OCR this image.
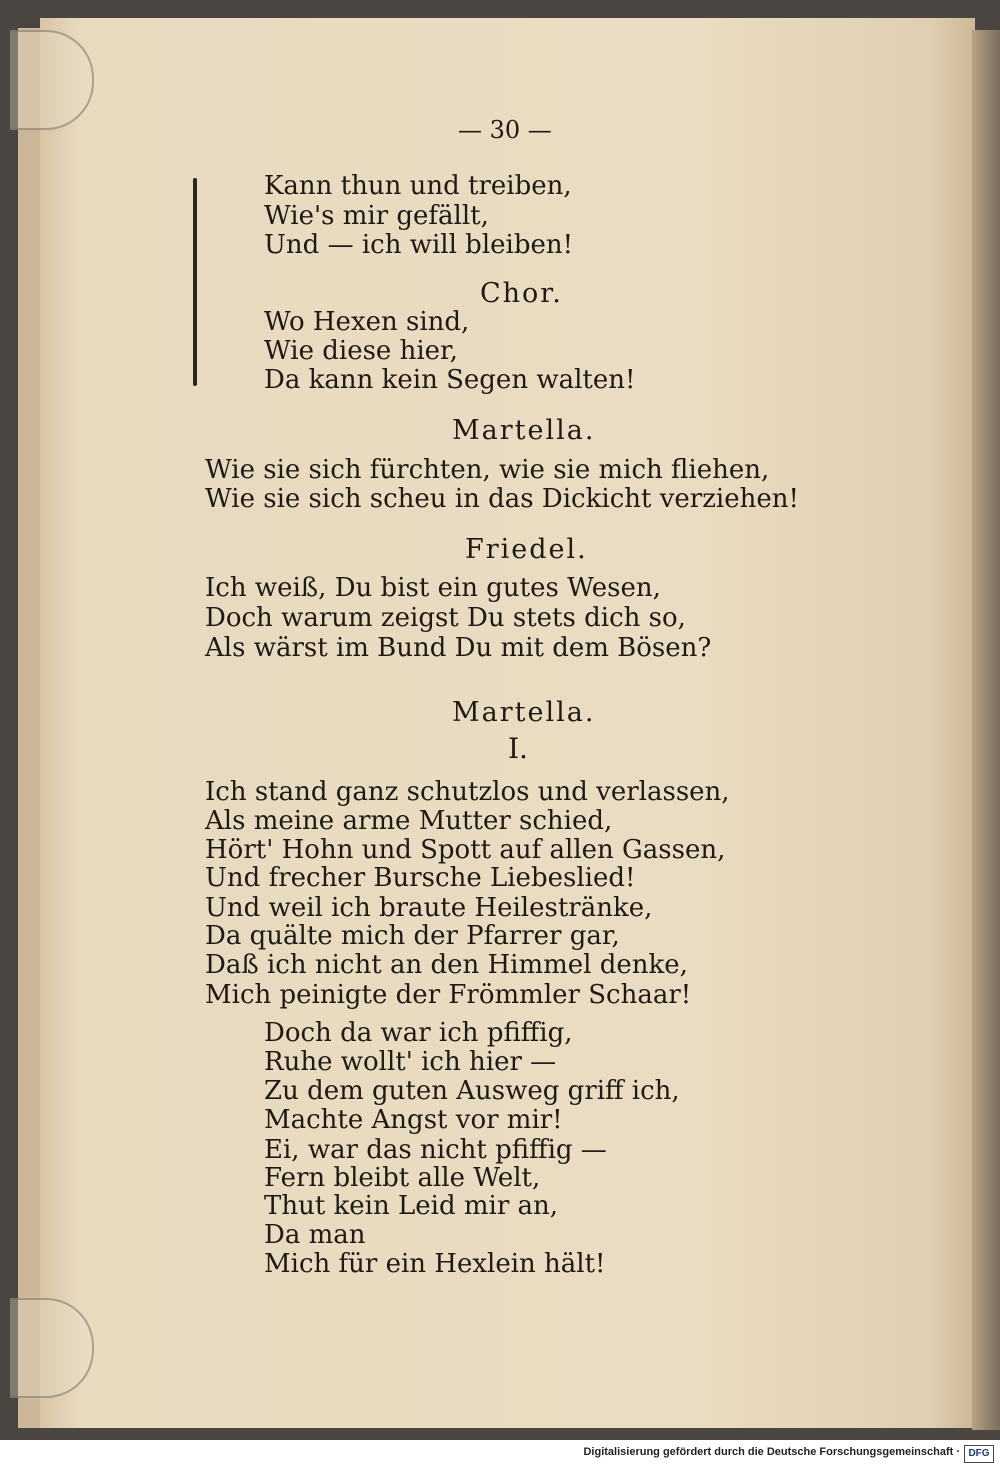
— 30 —

Kann thun und treiben,

Wie's mir gefällt,

Und — ich will bleiben!

Chor.

Wo Hexen sind,

Wie diese hier,

Da kann kein Segen walten!

Martella.

Wie sie sich fürchten, wie sie mich fliehen,

Wie sie sich scheu in das Dickicht verziehen!

Friedel.

Ich weiß, Du bist ein gutes Wesen,

Doch warum zeigst Du stets dich so,

Als wärst im Bund Du mit dem Bösen?

Martella.

I.

Ich stand ganz schutzlos und verlassen,

Als meine arme Mutter schied,

Hört' Hohn und Spott auf allen Gassen,

Und frecher Bursche Liebeslied!

Und weil ich braute Heilestränke,

Da quälte mich der Pfarrer gar,

Daß ich nicht an den Himmel denke,

Mich peinigte der Frömmler Schaar!

Doch da war ich pfiffig,

Ruhe wollt' ich hier —

Zu dem guten Ausweg griff ich,

Machte Angst vor mir!

Ei, war das nicht pfiffig —

Fern bleibt alle Welt,

Thut kein Leid mir an,

Da man

Mich für ein Hexlein hält!

Digitalisierung gefördert durch die Deutsche Forschungsgemeinschaft · DFG
